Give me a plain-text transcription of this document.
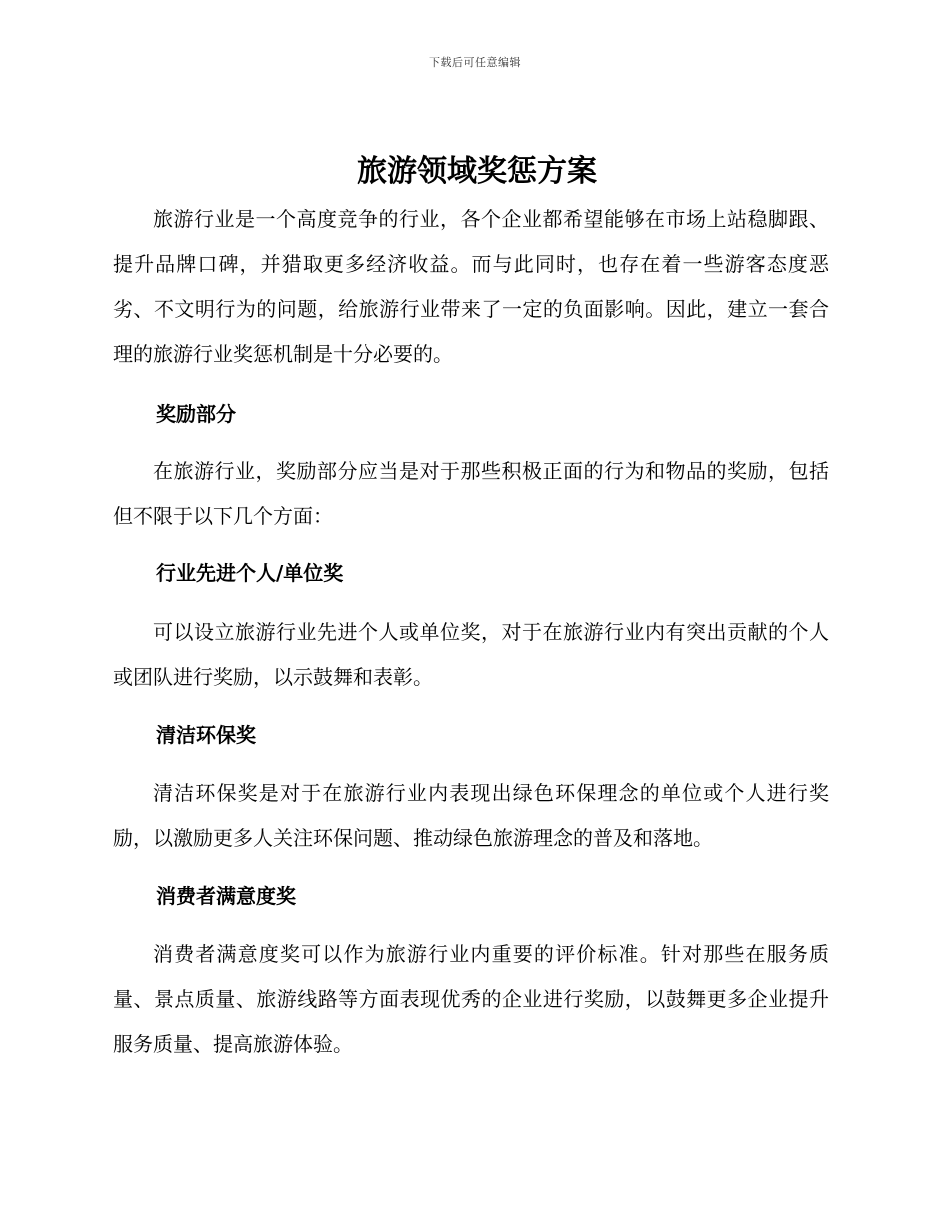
下载后可任意编辑
旅游领域奖惩方案

旅游行业是一个高度竞争的行业，各个企业都希望能够在市场上站稳脚跟、提升品牌口碑，并猎取更多经济收益。而与此同时，也存在着一些游客态度恶劣、不文明行为的问题，给旅游行业带来了一定的负面影响。因此，建立一套合理的旅游行业奖惩机制是十分必要的。

奖励部分

在旅游行业，奖励部分应当是对于那些积极正面的行为和物品的奖励，包括但不限于以下几个方面：

行业先进个人/单位奖

可以设立旅游行业先进个人或单位奖，对于在旅游行业内有突出贡献的个人或团队进行奖励，以示鼓舞和表彰。

清洁环保奖

清洁环保奖是对于在旅游行业内表现出绿色环保理念的单位或个人进行奖励，以激励更多人关注环保问题、推动绿色旅游理念的普及和落地。

消费者满意度奖

消费者满意度奖可以作为旅游行业内重要的评价标准。针对那些在服务质量、景点质量、旅游线路等方面表现优秀的企业进行奖励，以鼓舞更多企业提升服务质量、提高旅游体验。
